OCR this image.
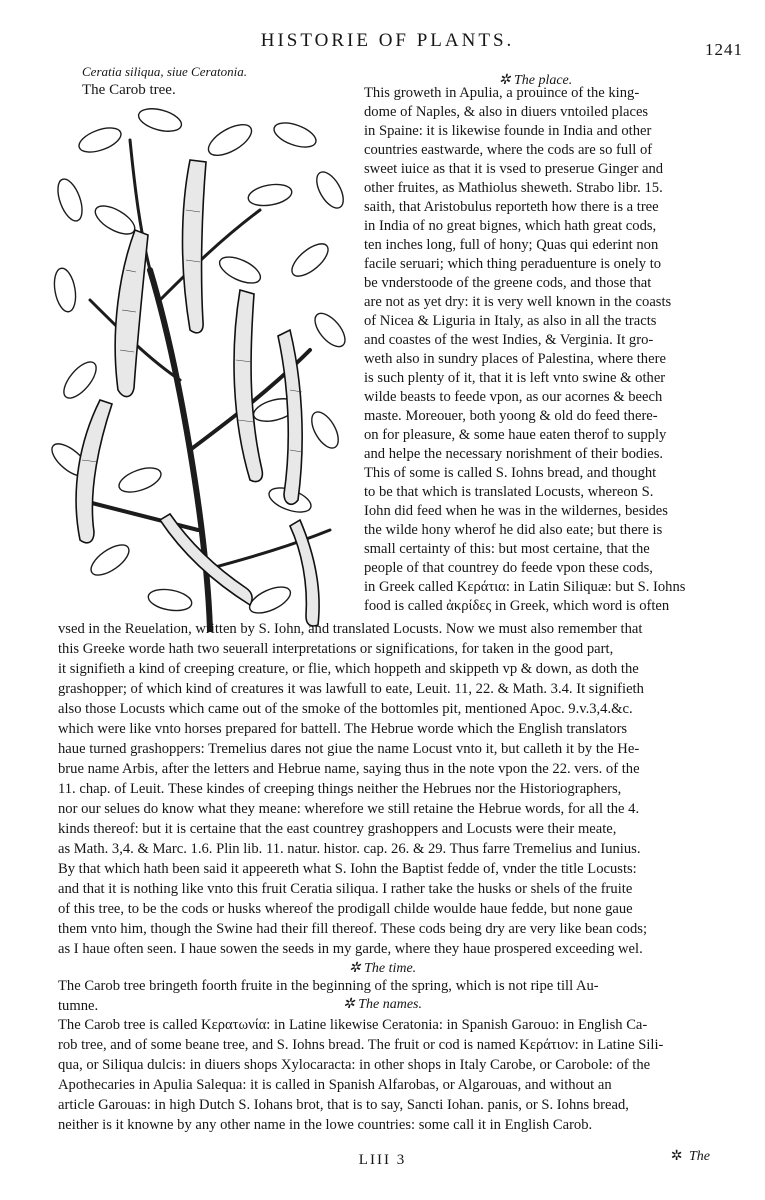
HISTORIE OF PLANTS.	1241
Ceratia siliqua, siue Ceratonia.
The Carob tree.
✲ The place.
This groweth in Apulia, a prouince of the king-
dome of Naples, & also in diuers vntoiled places
in Spaine: it is likewise founde in India and other
countries eastwarde, where the cods are so full of
sweet iuice as that it is vsed to preserue Ginger and
other fruites, as Mathiolus sheweth. Strabo libr. 15.
saith, that Aristobulus reporteth how there is a tree
in India of no great bignes, which hath great cods,
ten inches long, full of hony; Quas qui ederint non
facile seruari; which thing peraduenture is onely to
be vnderstoode of the greene cods, and those that
are not as yet dry: it is very well known in the coasts
of Nicea & Liguria in Italy, as also in all the tracts
and coastes of the west Indies, & Verginia. It gro-
weth also in sundry places of Palestina, where there
is such plenty of it, that it is left vnto swine & other
wilde beasts to feede vpon, as our acornes & beech
maste. Moreouer, both yoong & old do feed there-
on for pleasure, & some haue eaten therof to supply
and helpe the necessary norishment of their bodies.
This of some is called S. Iohns bread, and thought
to be that which is translated Locusts, whereon S.
Iohn did feed when he was in the wildernes, besides
the wilde hony wherof he did also eate; but there is
small certainty of this: but most certaine, that the
people of that countrey do feede vpon these cods,
in Greek called Κεράτια: in Latin Siliquæ: but S. Iohns
food is called ἀκρίδες in Greek, which word is often
vsed in the Reuelation, written by S. Iohn, and translated Locusts. Now we must also remember that
this Greeke worde hath two seuerall interpretations or significations, for taken in the good part,
it signifieth a kind of creeping creature, or flie, which hoppeth and skippeth vp & down, as doth the
grashopper; of which kind of creatures it was lawfull to eate, Leuit. 11, 22. & Math. 3.4. It signifieth
also those Locusts which came out of the smoke of the bottomles pit, mentioned Apoc. 9.v.3,4.&c.
which were like vnto horses prepared for battell. The Hebrue worde which the English translators
haue turned grashoppers: Tremelius dares not giue the name Locust vnto it, but calleth it by the He-
brue name Arbis, after the letters and Hebrue name, saying thus in the note vpon the 22. vers. of the
11. chap. of Leuit. These kindes of creeping things neither the Hebrues nor the Historiographers,
nor our selues do know what they meane: wherefore we still retaine the Hebrue words, for all the 4.
kinds thereof: but it is certaine that the east countrey grashoppers and Locusts were their meate,
as Math. 3,4. & Marc. 1.6. Plin lib. 11. natur. histor. cap. 26. & 29. Thus farre Tremelius and Iunius.
By that which hath been said it appeereth what S. Iohn the Baptist fedde of, vnder the title Locusts:
and that it is nothing like vnto this fruit Ceratia siliqua. I rather take the husks or shels of the fruite
of this tree, to be the cods or husks whereof the prodigall childe woulde haue fedde, but none gaue
them vnto him, though the Swine had their fill thereof. These cods being dry are very like bean cods;
as I haue often seen. I haue sowen the seeds in my garde, where they haue prospered exceeding wel.
✲ The time.
The Carob tree bringeth foorth fruite in the beginning of the spring, which is not ripe till Au-
tumne.	✲ The names.
The Carob tree is called Κερατωνία: in Latine likewise Ceratonia: in Spanish Garouo: in English Ca-
rob tree, and of some beane tree, and S. Iohns bread. The fruit or cod is named Κεράτιον: in Latine Sili-
qua, or Siliqua dulcis: in diuers shops Xylocaracta: in other shops in Italy Carobe, or Carobole: of the
Apothecaries in Apulia Salequa: it is called in Spanish Alfarobas, or Algarouas, and without an
article Garouas: in high Dutch S. Iohans brot, that is to say, Sancti Iohan. panis, or S. Iohns bread,
neither is it knowne by any other name in the lowe countries: some call it in English Carob.
LIII 3	✲ The
